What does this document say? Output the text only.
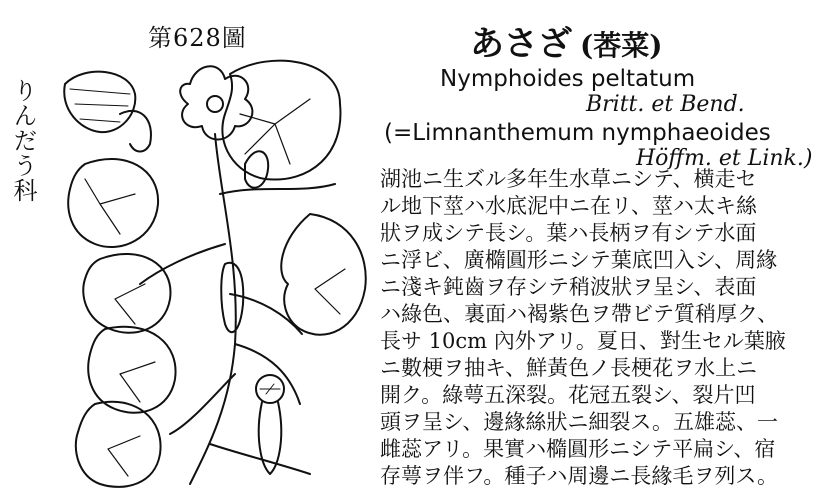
第628圖
りんだう科
あさざ (莕菜)
Nymphoides peltatum
Britt. et Bend.
(=Limnanthemum nymphaeoides
Höffm. et Link.)
湖池ニ生ズル多年生水草ニシテ、横走セ
ル地下莖ハ水底泥中ニ在リ、莖ハ太キ絲
狀ヲ成シテ長シ。葉ハ長柄ヲ有シテ水面
ニ浮ビ、廣橢圓形ニシテ葉底凹入シ、周緣
ニ淺キ鈍齒ヲ存シテ稍波狀ヲ呈シ、表面
ハ綠色、裏面ハ褐紫色ヲ帶ビテ質稍厚ク、
長サ 10cm 內外アリ。夏日、對生セル葉腋
ニ數梗ヲ抽キ、鮮黃色ノ長梗花ヲ水上ニ
開ク。綠萼五深裂。花冠五裂シ、裂片凹
頭ヲ呈シ、邊緣絲狀ニ細裂ス。五雄蕊、一
雌蕊アリ。果實ハ橢圓形ニシテ平扁シ、宿
存萼ヲ伴フ。種子ハ周邊ニ長緣毛ヲ列ス。
